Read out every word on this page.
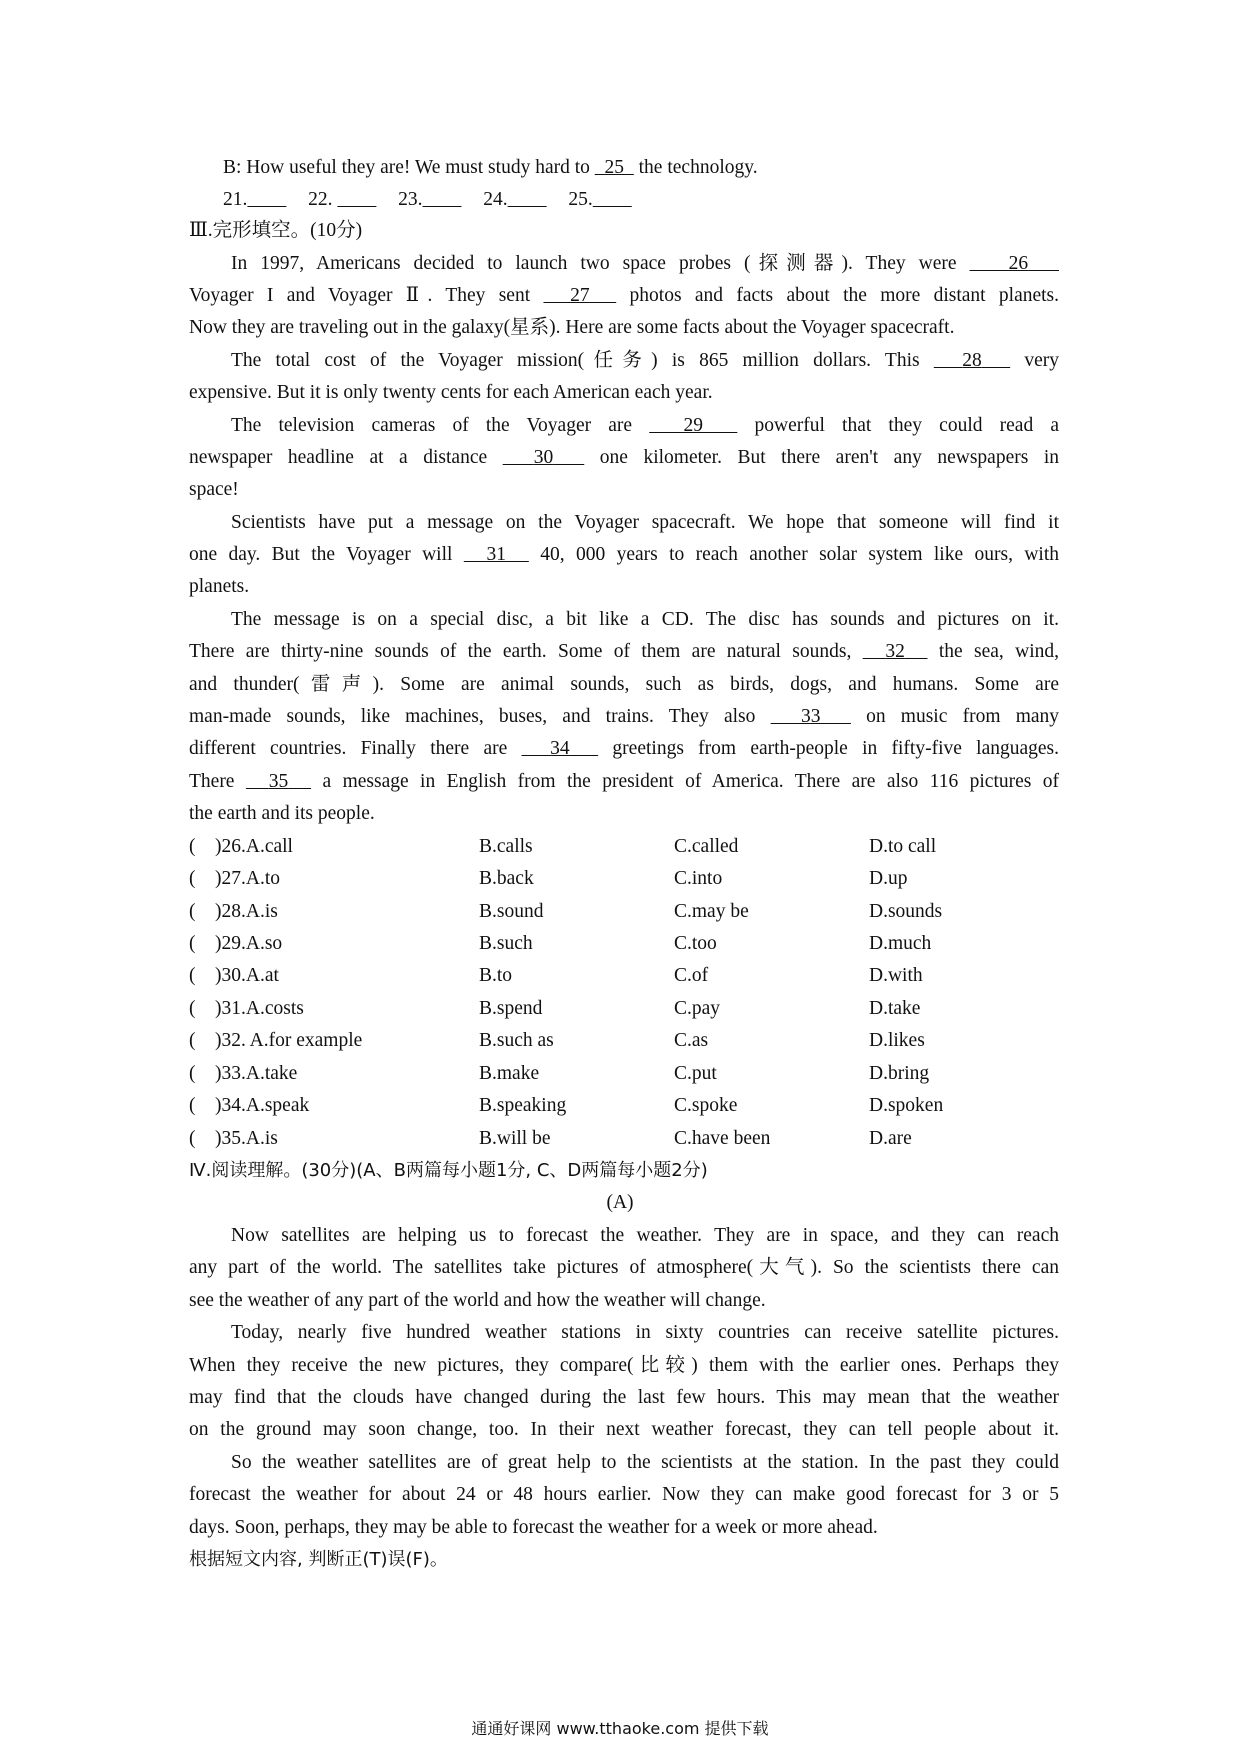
B: How useful they are! We must study hard to   25   the technology.
21.	22.	23.	24.	25.
Ⅲ.完形填空。(10分)
In 1997, Americans decided to launch two space probes (探测器). They were    26
Voyager I and Voyager Ⅱ. They sent   27   photos and facts about the more distant planets.
Now they are traveling out in the galaxy(星系). Here are some facts about the Voyager spacecraft.
The total cost of the Voyager mission(任务) is 865 million dollars. This   28   very
expensive. But it is only twenty cents for each American each year.
The television cameras of the Voyager are   29   powerful that they could read a
newspaper headline at a distance   30   one kilometer. But there aren't any newspapers in
space!
Scientists have put a message on the Voyager spacecraft. We hope that someone will find it
one day. But the Voyager will   31   40, 000 years to reach another solar system like ours, with
planets.
The message is on a special disc, a bit like a CD. The disc has sounds and pictures on it.
There are thirty-nine sounds of the earth. Some of them are natural sounds,   32   the sea, wind,
and thunder(雷声). Some are animal sounds, such as birds, dogs, and humans. Some are
man-made sounds, like machines, buses, and trains. They also   33   on music from many
different countries. Finally there are   34   greetings from earth-people in fifty-five languages.
There   35   a message in English from the president of America. There are also 116 pictures of
the earth and its people.
(    )26.A.call	B.calls	C.called	D.to call
(    )27.A.to	B.back	C.into	D.up
(    )28.A.is	B.sound	C.may be	D.sounds
(    )29.A.so	B.such	C.too	D.much
(    )30.A.at	B.to	C.of	D.with
(    )31.A.costs	B.spend	C.pay	D.take
(    )32. A.for example	B.such as	C.as	D.likes
(    )33.A.take	B.make	C.put	D.bring
(    )34.A.speak	B.speaking	C.spoke	D.spoken
(    )35.A.is	B.will be	C.have been	D.are
Ⅳ.阅读理解。(30分)(A、B两篇每小题1分, C、D两篇每小题2分)
(A)
Now satellites are helping us to forecast the weather. They are in space, and they can reach
any part of the world. The satellites take pictures of atmosphere(大气). So the scientists there can
see the weather of any part of the world and how the weather will change.
Today, nearly five hundred weather stations in sixty countries can receive satellite pictures.
When they receive the new pictures, they compare(比较) them with the earlier ones. Perhaps they
may find that the clouds have changed during the last few hours. This may mean that the weather
on the ground may soon change, too. In their next weather forecast, they can tell people about it.
So the weather satellites are of great help to the scientists at the station. In the past they could
forecast the weather for about 24 or 48 hours earlier. Now they can make good forecast for 3 or 5
days. Soon, perhaps, they may be able to forecast the weather for a week or more ahead.
根据短文内容, 判断正(T)误(F)。
通通好课网 www.tthaoke.com 提供下载
